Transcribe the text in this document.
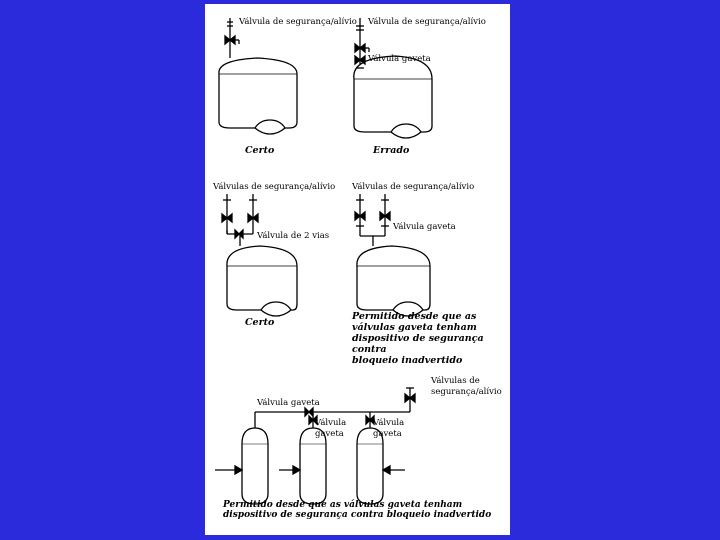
Válvula de segurança/alívio Válvula de segurança/alívio
Válvula gaveta
Certo	Errado
Válvulas de segurança/alívio
Válvula de 2 vias
Válvulas de segurança/alívio
Válvula gaveta
Certo
Permitido desde que as
válvulas gaveta tenham
dispositivo de segurança contra
bloqueio inadvertido
Válvulas de
segurança/alívio
Válvula gaveta
Válvula
gaveta
Válvula
gaveta
Permitido desde que as válvulas gaveta tenham
dispositivo de segurança contra bloqueio inadvertido
